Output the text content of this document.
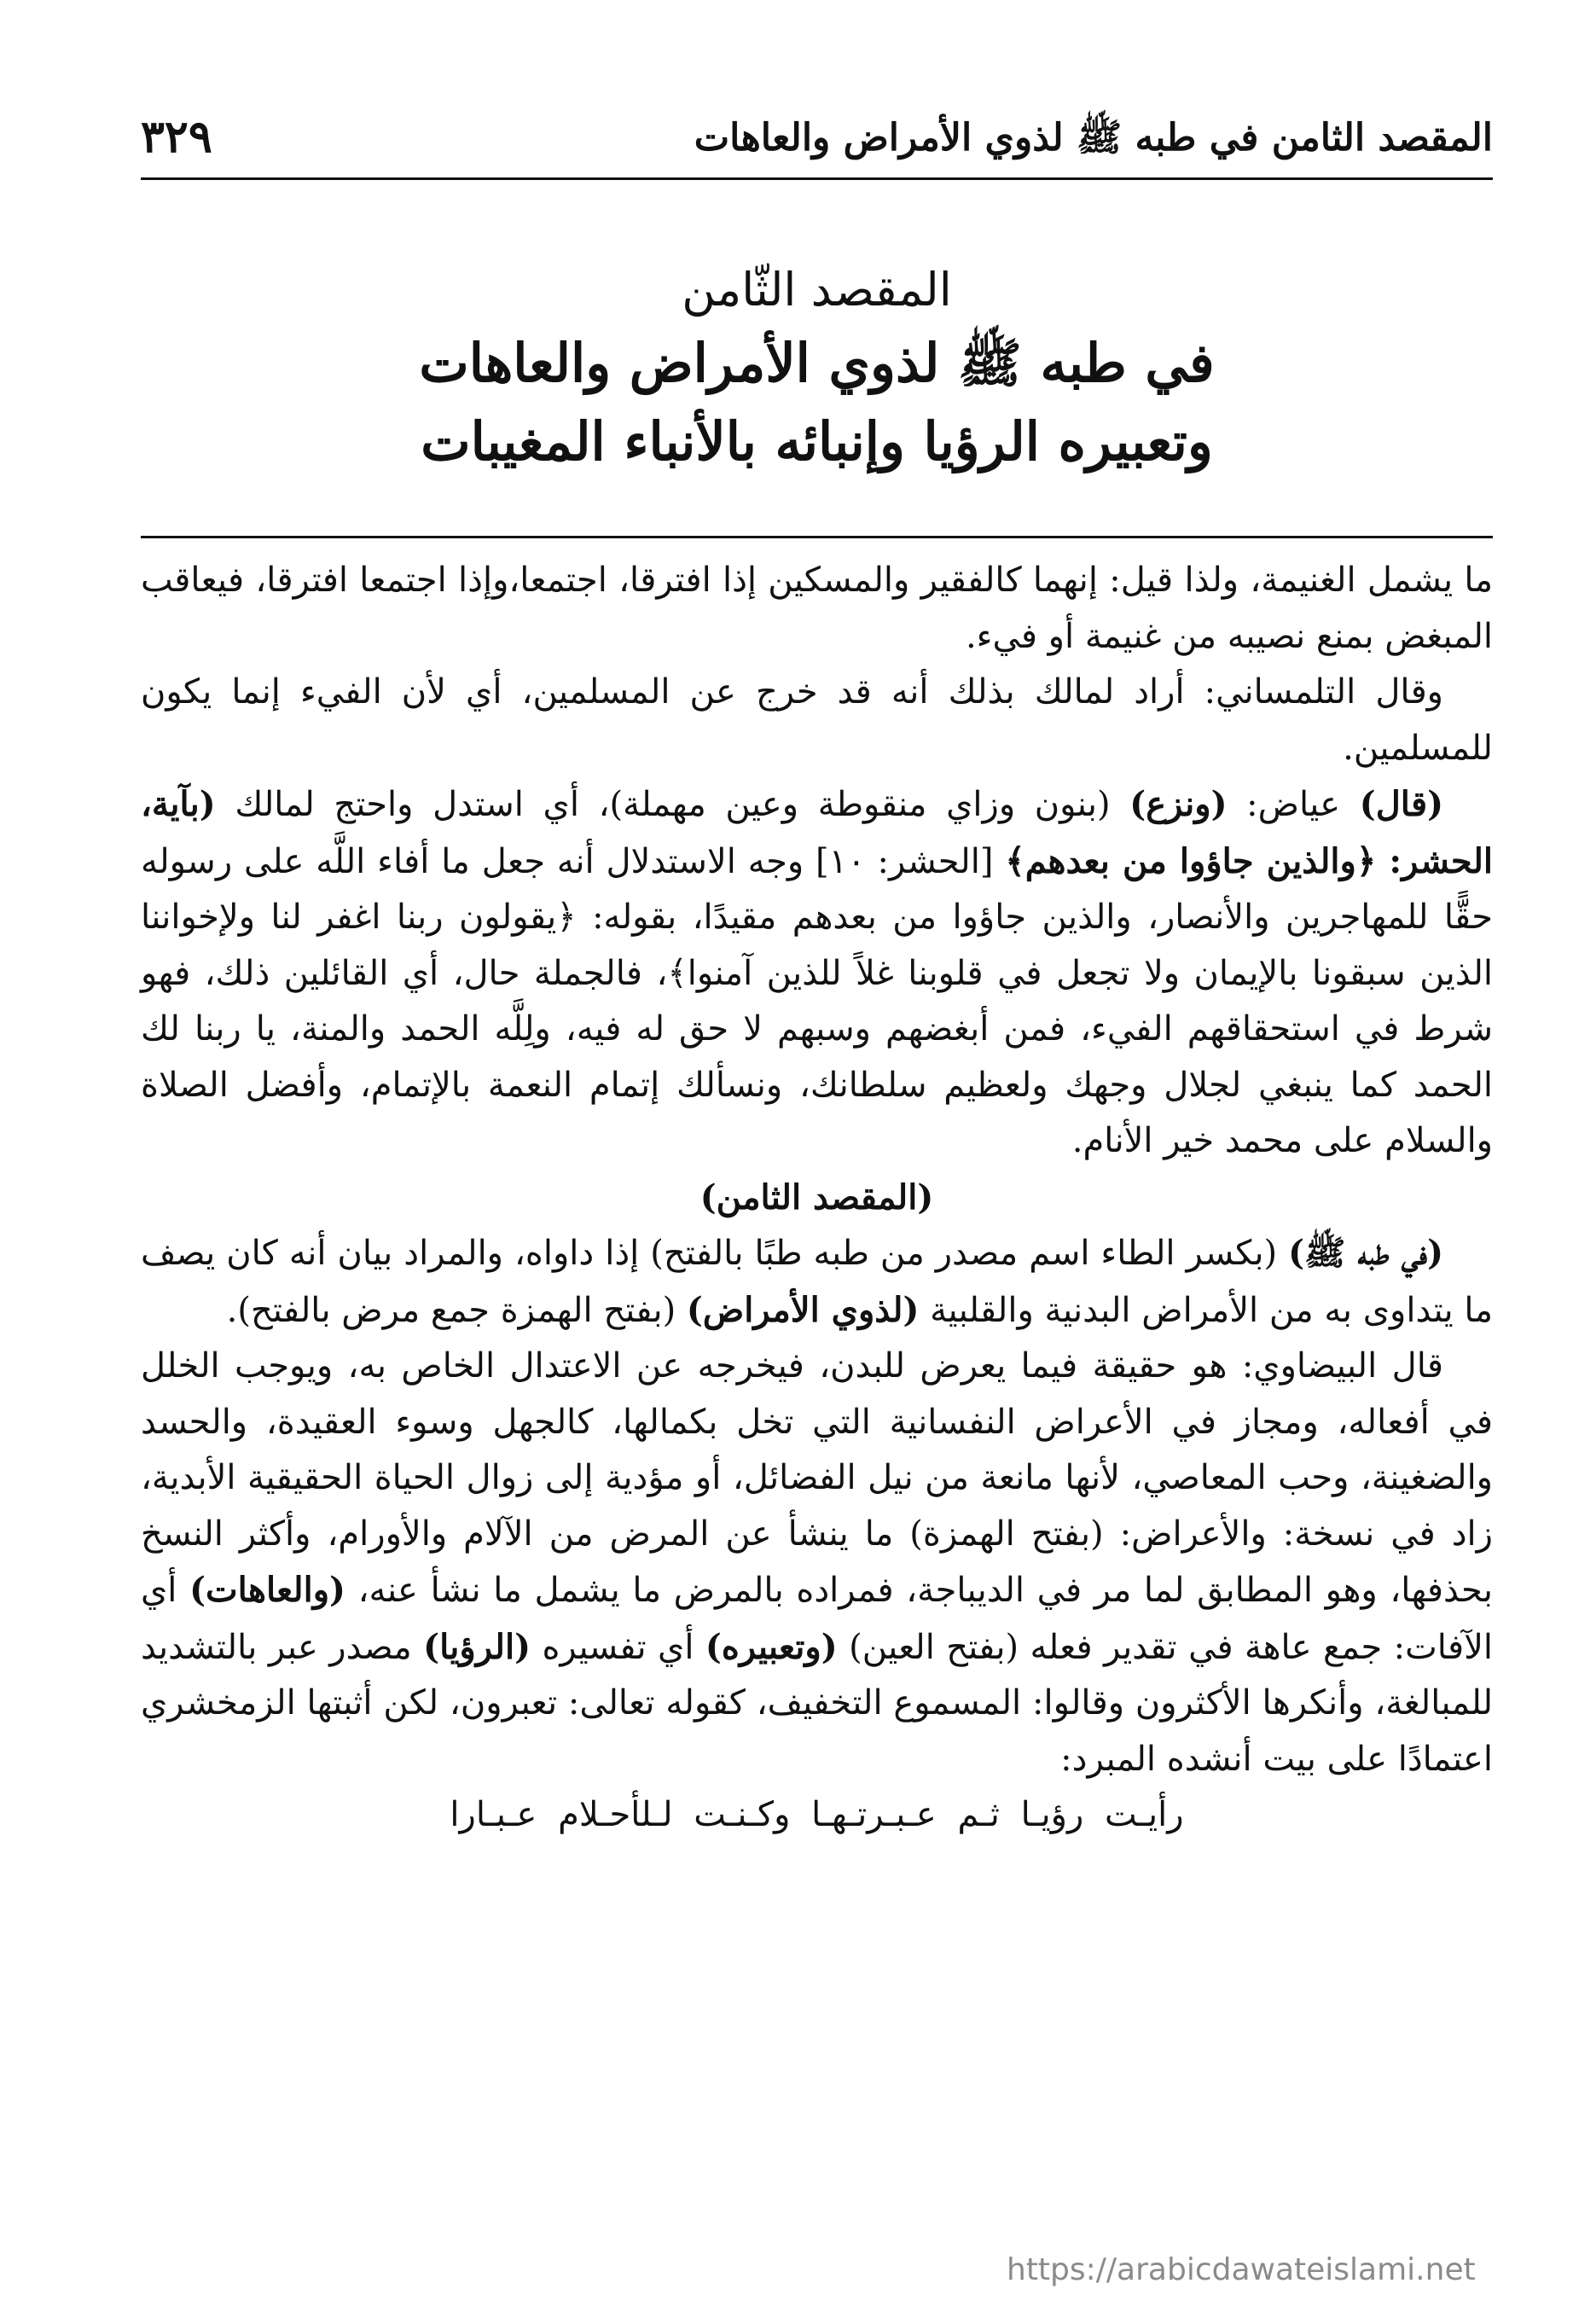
المقصد الثامن في طبه ﷺ لذوي الأمراض والعاهات
٣٢٩
المقصد الثّامن
في طبه ﷺ لذوي الأمراض والعاهات
وتعبيره الرؤيا وإنبائه بالأنباء المغيبات

ما يشمل الغنيمة، ولذا قيل: إنهما كالفقير والمسكين إذا افترقا، اجتمعا،وإذا اجتمعا افترقا، فيعاقب المبغض بمنع نصيبه من غنيمة أو فيء.

وقال التلمساني: أراد لمالك بذلك أنه قد خرج عن المسلمين، أي لأن الفيء إنما يكون للمسلمين.

(قال) عياض: (ونزع) (بنون وزاي منقوطة وعين مهملة)، أي استدل واحتج لمالك (بآية، الحشر: ﴿والذين جاؤوا من بعدهم﴾ [الحشر: ١٠] وجه الاستدلال أنه جعل ما أفاء اللَّه على رسوله حقًّا للمهاجرين والأنصار، والذين جاؤوا من بعدهم مقيدًا، بقوله: ﴿يقولون ربنا اغفر لنا ولإخواننا الذين سبقونا بالإيمان ولا تجعل في قلوبنا غلاً للذين آمنوا﴾، فالجملة حال، أي القائلين ذلك، فهو شرط في استحقاقهم الفيء، فمن أبغضهم وسبهم لا حق له فيه، ولِلَّه الحمد والمنة، يا ربنا لك الحمد كما ينبغي لجلال وجهك ولعظيم سلطانك، ونسألك إتمام النعمة بالإتمام، وأفضل الصلاة والسلام على محمد خير الأنام.

(المقصد الثامن)

(في طبه ﷺ) (بكسر الطاء اسم مصدر من طبه طبًا بالفتح) إذا داواه، والمراد بيان أنه كان يصف ما يتداوى به من الأمراض البدنية والقلبية (لذوي الأمراض) (بفتح الهمزة جمع مرض بالفتح).

قال البيضاوي: هو حقيقة فيما يعرض للبدن، فيخرجه عن الاعتدال الخاص به، ويوجب الخلل في أفعاله، ومجاز في الأعراض النفسانية التي تخل بكمالها، كالجهل وسوء العقيدة، والحسد والضغينة، وحب المعاصي، لأنها مانعة من نيل الفضائل، أو مؤدية إلى زوال الحياة الحقيقية الأبدية، زاد في نسخة: والأعراض: (بفتح الهمزة) ما ينشأ عن المرض من الآلام والأورام، وأكثر النسخ بحذفها، وهو المطابق لما مر في الديباجة، فمراده بالمرض ما يشمل ما نشأ عنه، (والعاهات) أي الآفات: جمع عاهة في تقدير فعله (بفتح العين) (وتعبيره) أي تفسيره (الرؤيا) مصدر عبر بالتشديد للمبالغة، وأنكرها الأكثرون وقالوا: المسموع التخفيف، كقوله تعالى: تعبرون، لكن أثبتها الزمخشري اعتمادًا على بيت أنشده المبرد:

رأيـت رؤيـا ثـم عـبـرتـهـا وكـنـت لـلأحـلام عـبـارا

https://arabicdawateislami.net
